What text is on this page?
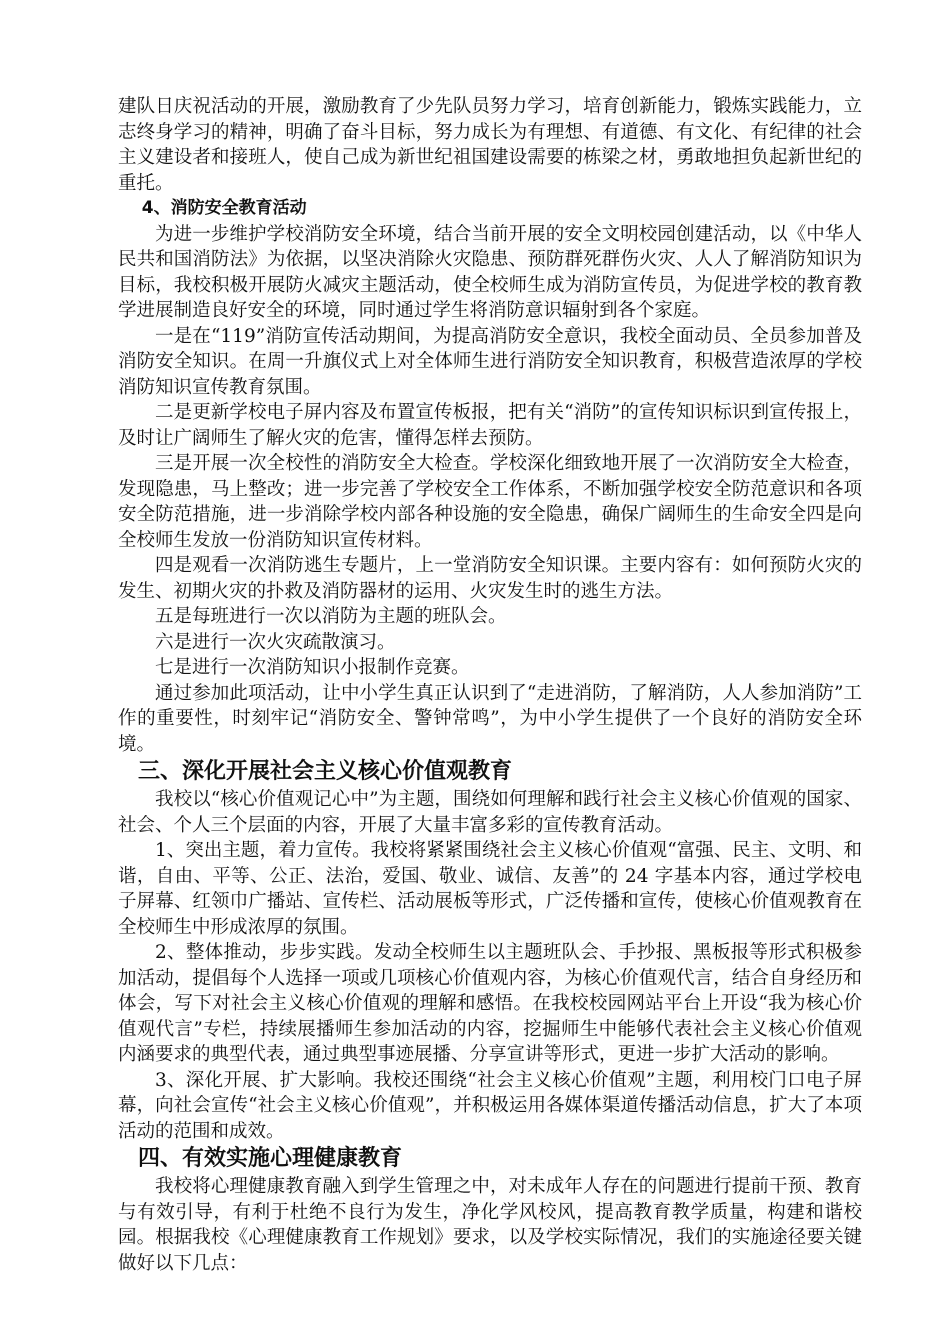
建队日庆祝活动的开展，激励教育了少先队员努力学习，培育创新能力，锻炼实践能力，立志终身学习的精神，明确了奋斗目标，努力成长为有理想、有道德、有文化、有纪律的社会主义建设者和接班人，使自己成为新世纪祖国建设需要的栋梁之材，勇敢地担负起新世纪的重托。

4、消防安全教育活动

为进一步维护学校消防安全环境，结合当前开展的安全文明校园创建活动，以《中华人民共和国消防法》为依据，以坚决消除火灾隐患、预防群死群伤火灾、人人了解消防知识为目标，我校积极开展防火减灾主题活动，使全校师生成为消防宣传员，为促进学校的教育教学进展制造良好安全的环境，同时通过学生将消防意识辐射到各个家庭。

一是在“119”消防宣传活动期间，为提高消防安全意识，我校全面动员、全员参加普及消防安全知识。在周一升旗仪式上对全体师生进行消防安全知识教育，积极营造浓厚的学校消防知识宣传教育氛围。

二是更新学校电子屏内容及布置宣传板报，把有关“消防”的宣传知识标识到宣传报上，及时让广阔师生了解火灾的危害，懂得怎样去预防。

三是开展一次全校性的消防安全大检查。学校深化细致地开展了一次消防安全大检查，发现隐患，马上整改；进一步完善了学校安全工作体系，不断加强学校安全防范意识和各项安全防范措施，进一步消除学校内部各种设施的安全隐患，确保广阔师生的生命安全四是向全校师生发放一份消防知识宣传材料。

四是观看一次消防逃生专题片，上一堂消防安全知识课。主要内容有：如何预防火灾的发生、初期火灾的扑救及消防器材的运用、火灾发生时的逃生方法。

五是每班进行一次以消防为主题的班队会。

六是进行一次火灾疏散演习。

七是进行一次消防知识小报制作竞赛。

通过参加此项活动，让中小学生真正认识到了“走进消防，了解消防，人人参加消防”工作的重要性，时刻牢记“消防安全、警钟常鸣”，为中小学生提供了一个良好的消防安全环境。

三、深化开展社会主义核心价值观教育

我校以“核心价值观记心中”为主题，围绕如何理解和践行社会主义核心价值观的国家、社会、个人三个层面的内容，开展了大量丰富多彩的宣传教育活动。

1、突出主题，着力宣传。我校将紧紧围绕社会主义核心价值观“富强、民主、文明、和谐，自由、平等、公正、法治，爱国、敬业、诚信、友善”的 24 字基本内容，通过学校电子屏幕、红领巾广播站、宣传栏、活动展板等形式，广泛传播和宣传，使核心价值观教育在全校师生中形成浓厚的氛围。

2、整体推动，步步实践。发动全校师生以主题班队会、手抄报、黑板报等形式积极参加活动，提倡每个人选择一项或几项核心价值观内容，为核心价值观代言，结合自身经历和体会，写下对社会主义核心价值观的理解和感悟。在我校校园网站平台上开设“我为核心价值观代言”专栏，持续展播师生参加活动的内容，挖掘师生中能够代表社会主义核心价值观内涵要求的典型代表，通过典型事迹展播、分享宣讲等形式，更进一步扩大活动的影响。

3、深化开展、扩大影响。我校还围绕“社会主义核心价值观”主题，利用校门口电子屏幕，向社会宣传“社会主义核心价值观”，并积极运用各媒体渠道传播活动信息，扩大了本项活动的范围和成效。

四、有效实施心理健康教育

我校将心理健康教育融入到学生管理之中，对未成年人存在的问题进行提前干预、教育与有效引导，有利于杜绝不良行为发生，净化学风校风，提高教育教学质量，构建和谐校园。根据我校《心理健康教育工作规划》要求，以及学校实际情况，我们的实施途径要关键做好以下几点：
